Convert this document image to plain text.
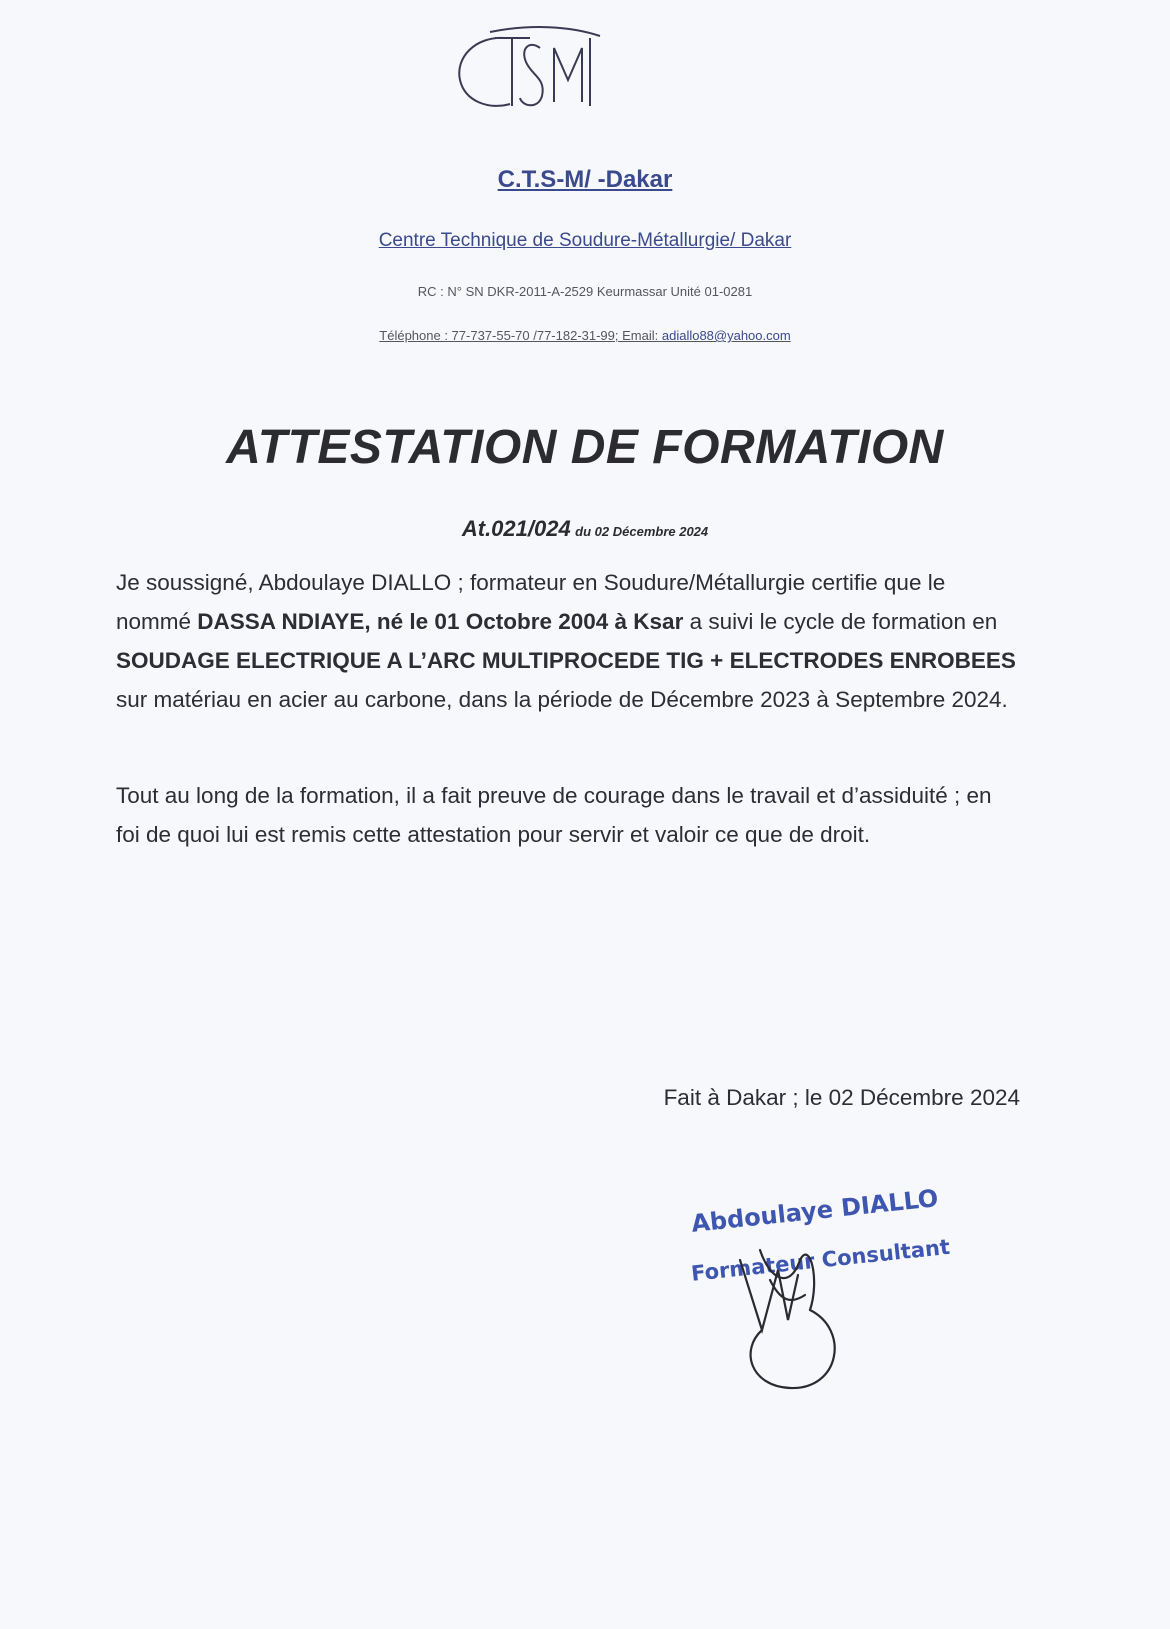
C.T.S-M/ -Dakar
Centre Technique de Soudure-Métallurgie/ Dakar
RC : N° SN DKR-2011-A-2529 Keurmassar Unité 01-0281
Téléphone : 77-737-55-70 /77-182-31-99; Email: adiallo88@yahoo.com
ATTESTATION DE FORMATION
At.021/024 du 02 Décembre 2024
Je soussigné, Abdoulaye DIALLO ; formateur en Soudure/Métallurgie certifie que le nommé DASSA NDIAYE, né le 01 Octobre 2004 à Ksar a suivi le cycle de formation en SOUDAGE ELECTRIQUE A L’ARC MULTIPROCEDE TIG + ELECTRODES ENROBEES sur matériau en acier au carbone, dans la période de Décembre 2023 à Septembre 2024.
Tout au long de la formation, il a fait preuve de courage dans le travail et d’assiduité ; en foi de quoi lui est remis cette attestation pour servir et valoir ce que de droit.
Fait à Dakar ; le 02 Décembre 2024
Abdoulaye DIALLO
Formateur Consultant
